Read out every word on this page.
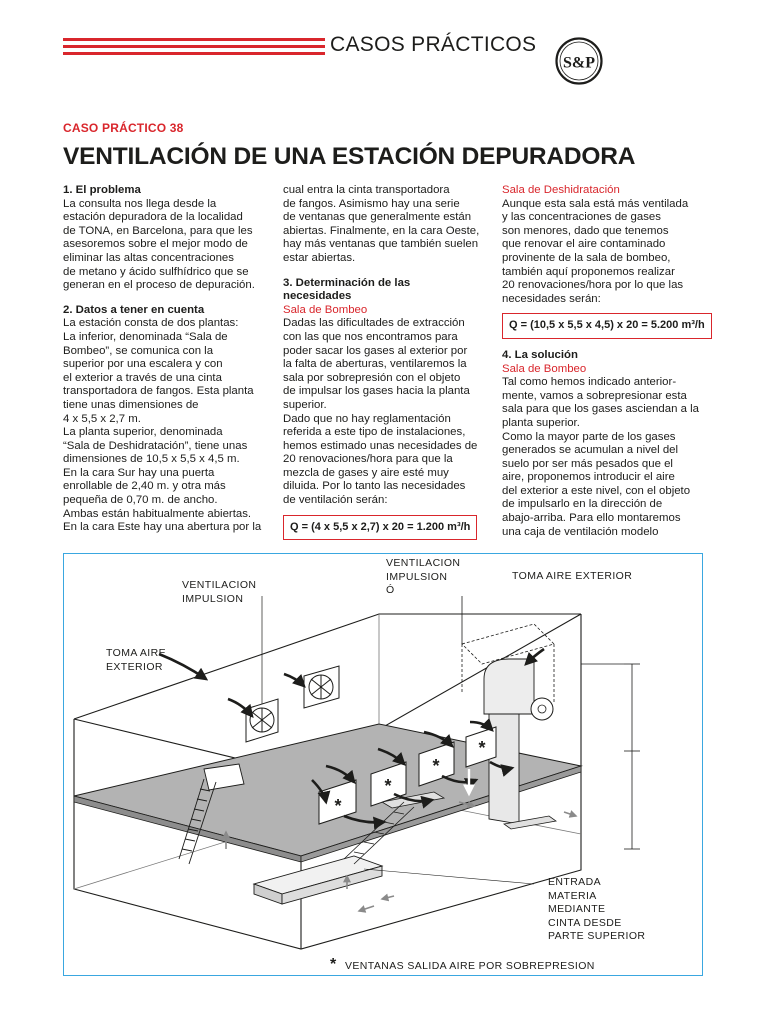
CASOS PRÁCTICOS
S&P
CASO PRÁCTICO 38
VENTILACIÓN DE UNA ESTACIÓN DEPURADORA

1. El problema

La consulta nos llega desde la

estación depuradora de la localidad

de TONA, en Barcelona, para que les

asesoremos sobre el mejor modo de

eliminar las altas concentraciones

de metano y ácido sulfhídrico que se

generan en el proceso de depuración.

2. Datos a tener en cuenta

La estación consta de dos plantas:

La inferior, denominada “Sala de

Bombeo”, se comunica con la

superior por una escalera y con

el exterior a través de una cinta

transportadora de fangos. Esta planta

tiene unas dimensiones de

4 x 5,5 x 2,7 m.

La planta superior, denominada

“Sala de Deshidratación”, tiene unas

dimensiones de 10,5 x 5,5 x 4,5 m.

En la cara Sur hay una puerta

enrollable de 2,40 m. y otra más

pequeña de 0,70 m. de ancho.

Ambas están habitualmente abiertas.

En la cara Este hay una abertura por la

cual entra la cinta transportadora

de fangos. Asimismo hay una serie

de ventanas que generalmente están

abiertas. Finalmente, en la cara Oeste,

hay más ventanas que también suelen

estar abiertas.

3. Determinación de las

necesidades

Sala de Bombeo

Dadas las dificultades de extracción

con las que nos encontramos para

poder sacar los gases al exterior por

la falta de aberturas, ventilaremos la

sala por sobrepresión con el objeto

de impulsar los gases hacia la planta

superior.

Dado que no hay reglamentación

referida a este tipo de instalaciones,

hemos estimado unas necesidades de

20 renovaciones/hora para que la

mezcla de gases y aire esté muy

diluida. Por lo tanto las necesidades

de ventilación serán:

Q = (4 x 5,5 x 2,7) x 20 = 1.200 m³/h

Sala de Deshidratación

Aunque esta sala está más ventilada

y las concentraciones de gases

son menores, dado que tenemos

que renovar el aire contaminado

provinente de la sala de bombeo,

también aquí proponemos realizar

20 renovaciones/hora por lo que las

necesidades serán:

Q = (10,5 x 5,5 x 4,5) x 20 = 5.200 m³/h

4. La solución

Sala de Bombeo

Tal como hemos indicado anterior-

mente, vamos a sobrepresionar esta

sala para que los gases asciendan a la

planta superior.

Como la mayor parte de los gases

generados se acumulan a nivel del

suelo por ser más pesados que el

aire, proponemos introducir el aire

del exterior a este nivel, con el objeto

de impulsarlo en la dirección de

abajo-arriba. Para ello montaremos

una caja de ventilación modelo

*
*
*
*
VENTILACION
IMPULSION
VENTILACION
IMPULSION
Ó
TOMA AIRE EXTERIOR
TOMA AIRE
EXTERIOR
ENTRADA
MATERIA
MEDIANTE
CINTA DESDE
PARTE SUPERIOR
* VENTANAS SALIDA AIRE POR SOBREPRESION
